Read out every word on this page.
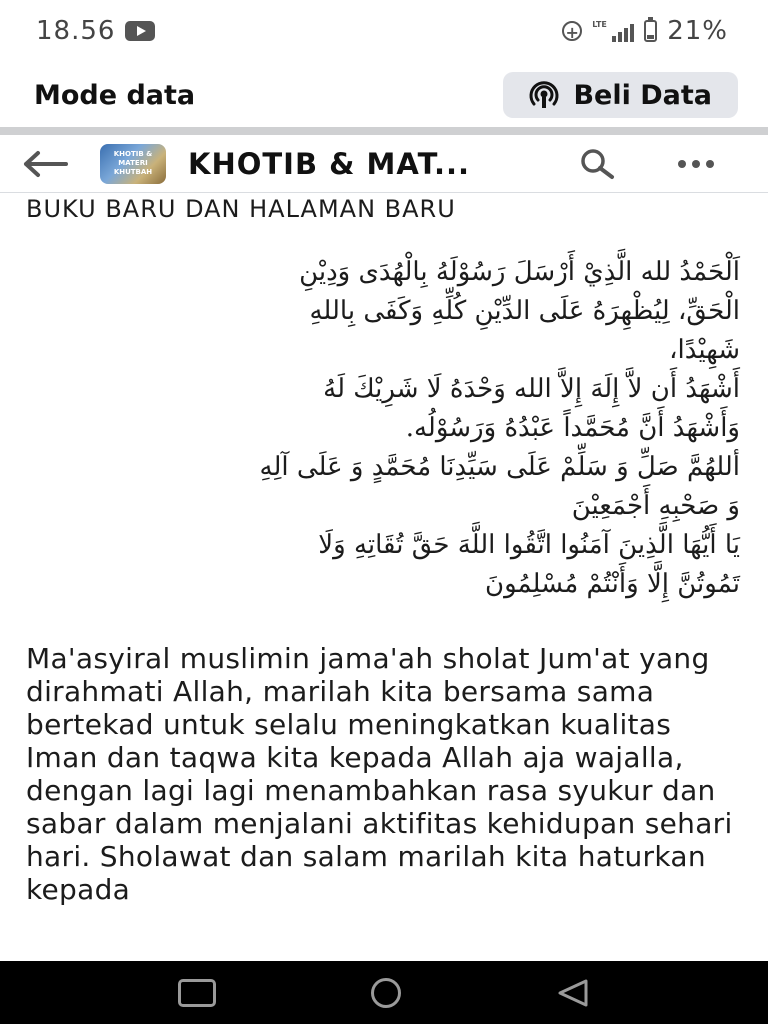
18.56	+	LTE 21%
Mode data	Beli Data
KHOTIB & MATERI KHUTBAH	KHOTIB & MAT...
BUKU BARU DAN HALAMAN BARU

اَلْحَمْدُ لله الَّذِيْ أَرْسَلَ رَسُوْلَهُ بِالْهُدَى وَدِيْنِ

الْحَقِّ، لِيُظْهِرَهُ عَلَى الدِّيْنِ كُلِّهِ وَكَفَى بِاللهِ

شَهِيْدًا،

أَشْهَدُ أَن لاَّ إِلَهَ إِلاَّ الله وَحْدَهُ لَا شَرِيْكَ لَهُ

وَأَشْهَدُ أَنَّ مُحَمَّداً عَبْدُهُ وَرَسُوْلُه.

أللهُمَّ صَلِّ وَ سَلِّمْ عَلَى سَيِّدِنَا مُحَمَّدٍ وَ عَلَى آلِهِ

وَ صَحْبِهِ أَجْمَعِيْنَ

يَا أَيُّهَا الَّذِينَ آمَنُوا اتَّقُوا اللَّهَ حَقَّ تُقَاتِهِ وَلَا

تَمُوتُنَّ إِلَّا وَأَنْتُمْ مُسْلِمُونَ

Ma'asyiral muslimin jama'ah sholat Jum'at yang dirahmati Allah, marilah kita bersama sama bertekad untuk selalu meningkatkan kualitas Iman dan taqwa kita kepada Allah aja wajalla, dengan lagi lagi menambahkan rasa syukur dan sabar dalam menjalani aktifitas kehidupan sehari hari. Sholawat dan salam marilah kita haturkan kepada
